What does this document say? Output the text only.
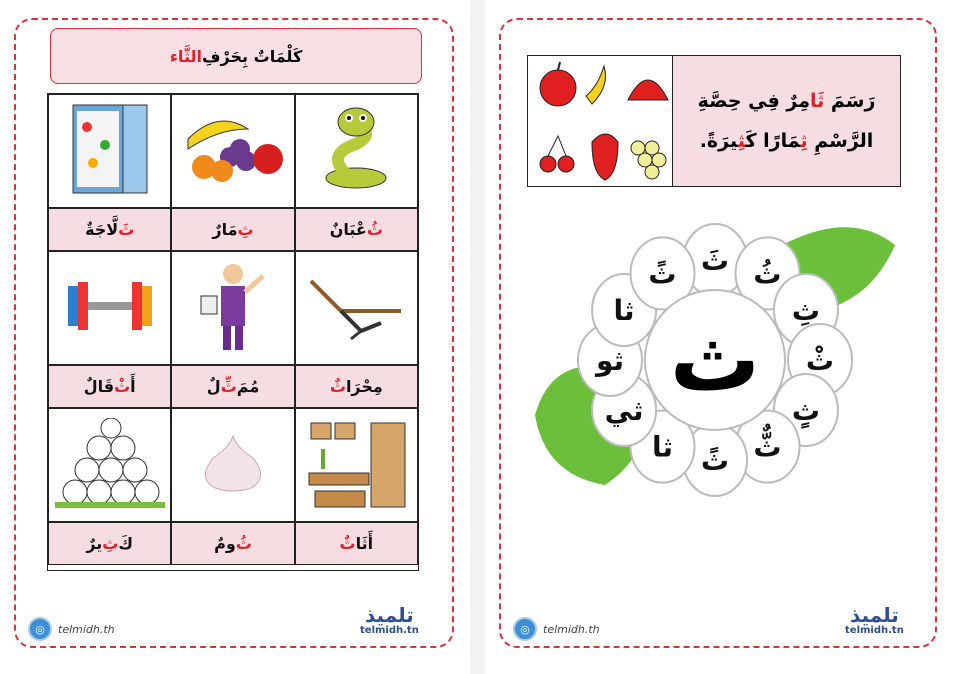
كَلْمَاتٌ بِحَرْفِ
الثَّاء
ثُ
عْبَانٌ
ثِ
مَارٌ
ثَ
لَّاجَةٌ
مِحْرَا
ثٌ
مُمَ
ثِّ
لٌ
أَ
ثْ
قَالٌ
أَثَا
ثٌ
ثُ
ومٌ
كَ
ثِ
يرٌ
◎	telmidh.th
تلميذ
telmidh.tn
رَسَمَ ثَامِرٌ فِي حِصَّةِ
الرَّسْمِ ثِمَارًا كَثِيرَةً.
ثَ ثُ
ثِ
ثْ
ثٍ
ثٌّ
ثً
ثا
ثي
ثو
ثا
ثً
ث
◎	telmidh.th
تلميذ
telmidh.tn
